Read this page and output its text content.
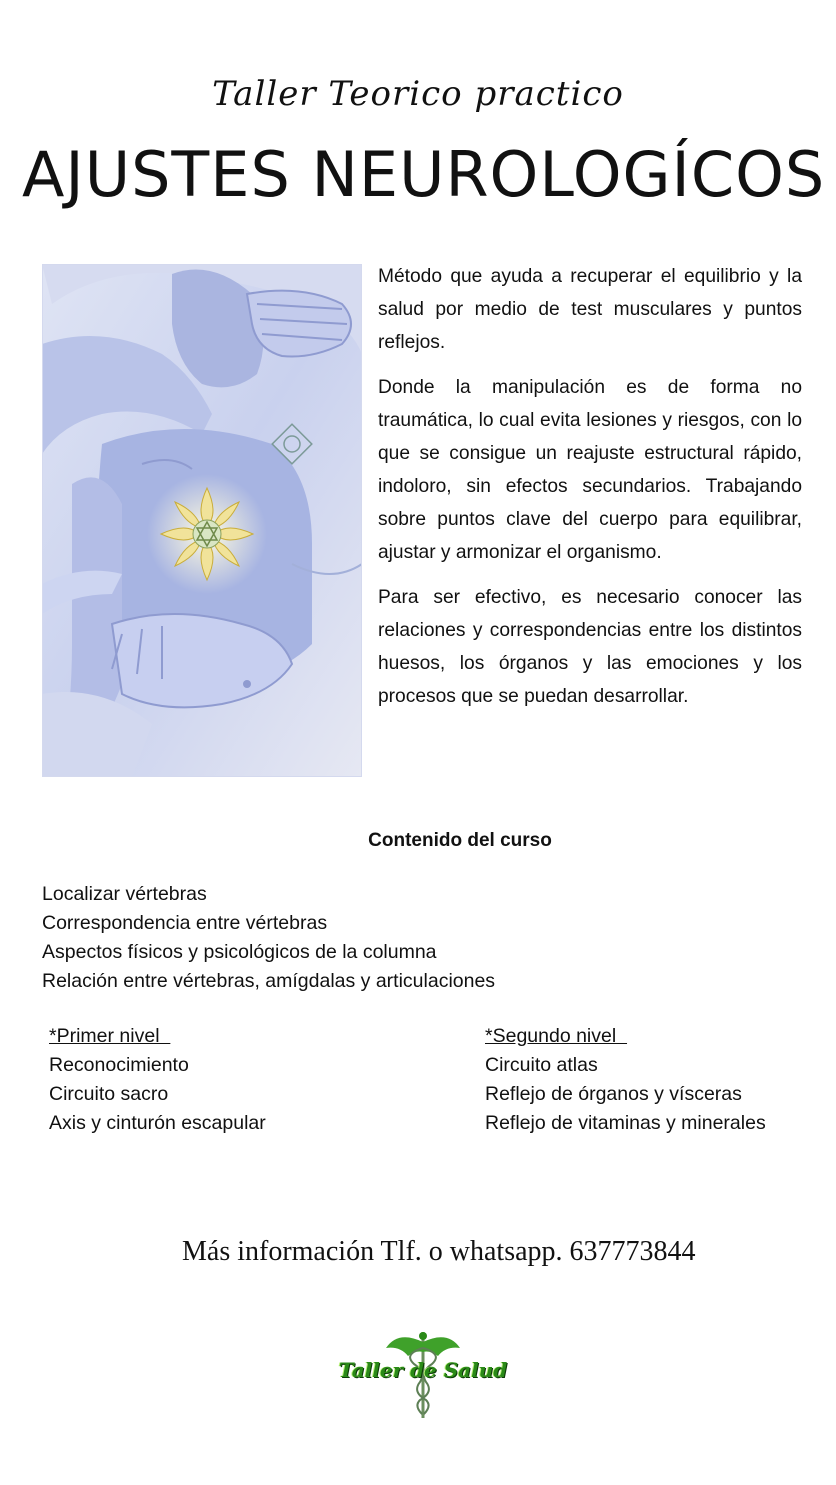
Taller Teorico practico
AJUSTES NEUROLOGÍCOS

Método que ayuda a recuperar el equilibrio y la salud por medio de test musculares y puntos reflejos.

Donde la manipulación es de forma no traumática, lo cual evita lesiones y riesgos, con lo que se consigue un reajuste estructural rápido, indoloro, sin efectos secundarios. Trabajando sobre puntos clave del cuerpo para equilibrar, ajustar y armonizar el organismo.

Para ser efectivo, es necesario conocer las relaciones y correspondencias entre los distintos huesos, los órganos y las emociones y los procesos que se puedan desarrollar.

Contenido del curso
Localizar vértebras
Correspondencia entre vértebras
Aspectos físicos y psicológicos de la columna
Relación entre vértebras, amígdalas y articulaciones
*Primer nivel
Reconocimiento
Circuito sacro
Axis y cinturón escapular
*Segundo nivel
Circuito atlas
Reflejo de órganos y vísceras
Reflejo de vitaminas y minerales
Más información Tlf. o whatsapp. 637773844
Taller de Salud
